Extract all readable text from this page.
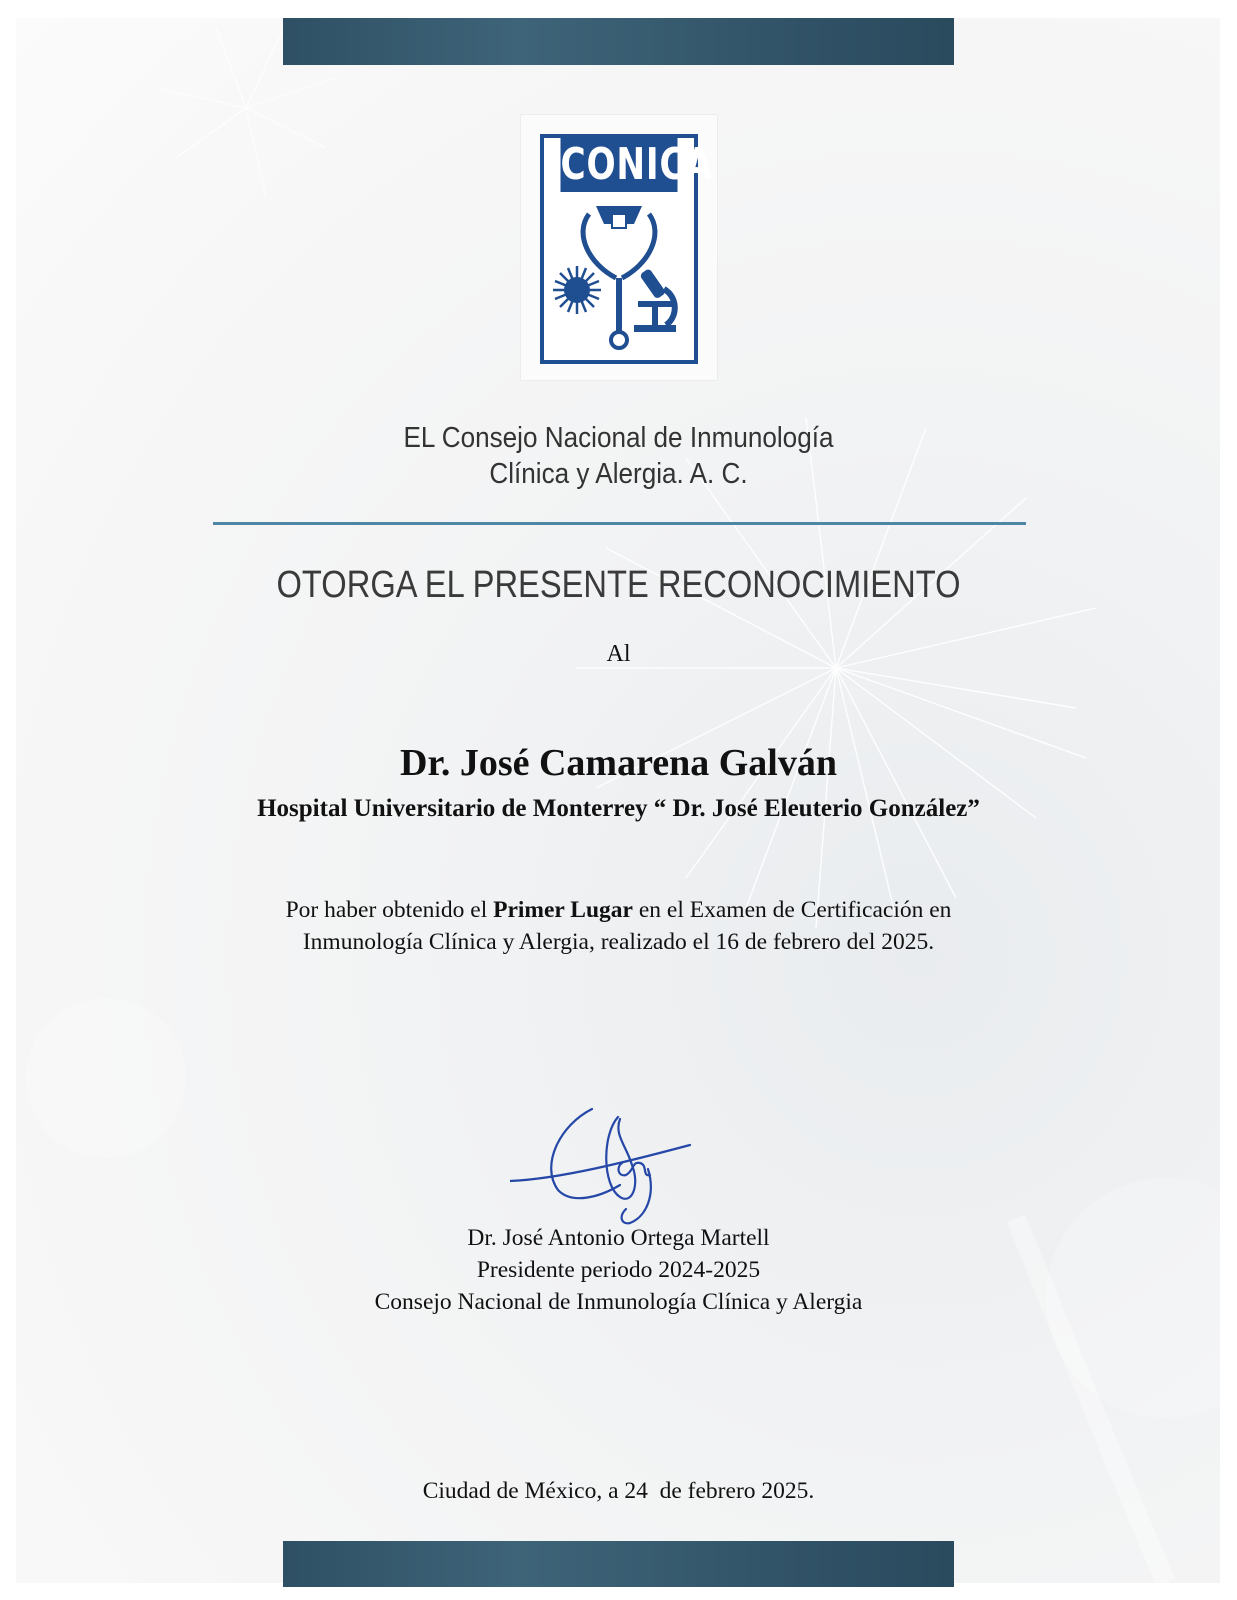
CONICA
EL Consejo Nacional de Inmunología
Clínica y Alergia. A. C.
OTORGA EL PRESENTE RECONOCIMIENTO
Al
Dr. José Camarena Galván
Hospital Universitario de Monterrey “ Dr. José Eleuterio González”
Por haber obtenido el Primer Lugar en el Examen de Certificación en
Inmunología Clínica y Alergia, realizado el 16 de febrero del 2025.
Dr. José Antonio Ortega Martell
Presidente periodo 2024-2025
Consejo Nacional de Inmunología Clínica y Alergia
Ciudad de México, a 24  de febrero 2025.
